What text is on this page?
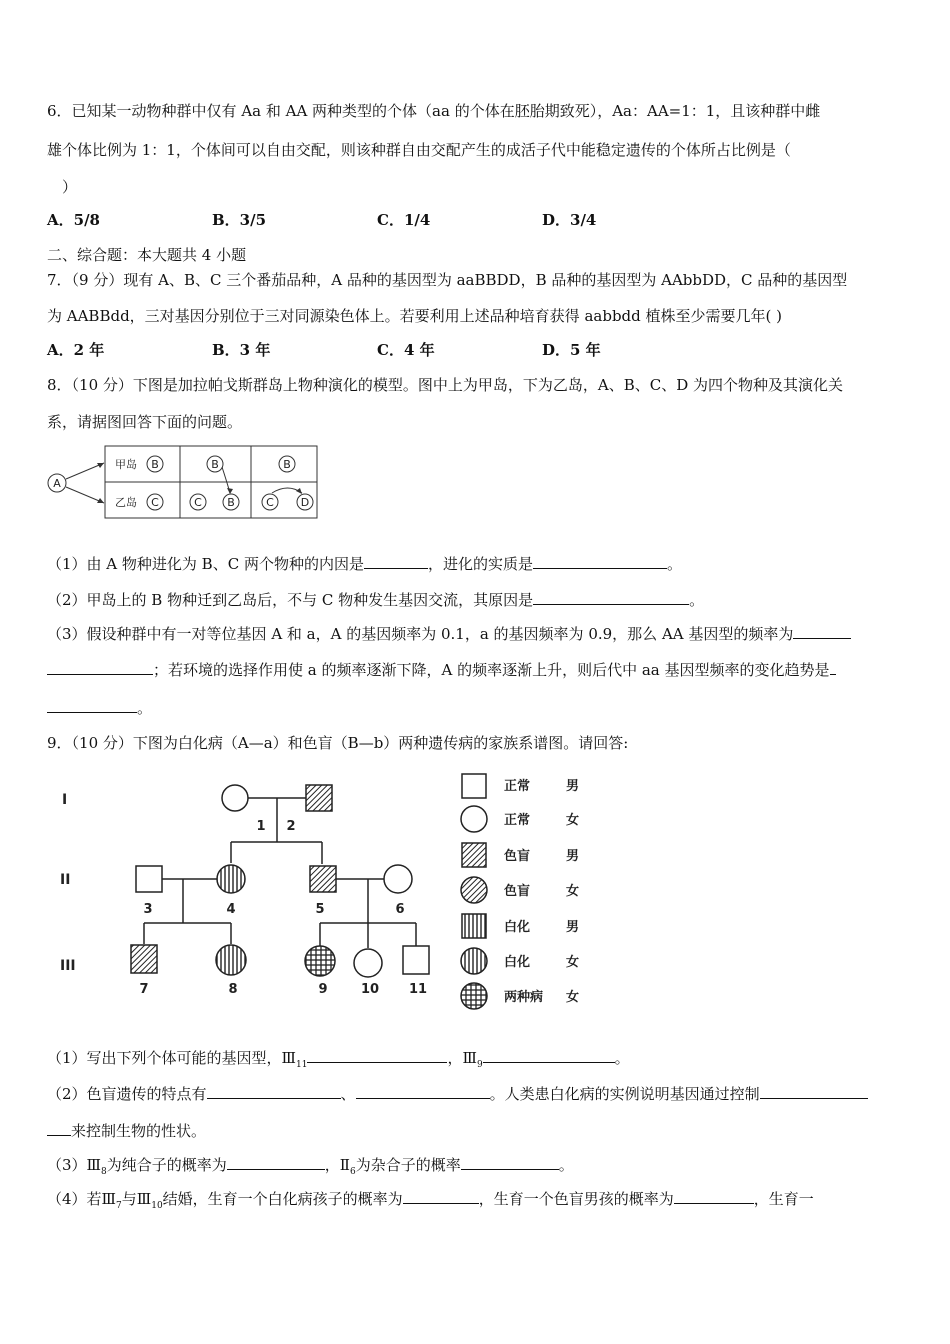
6．已知某一动物种群中仅有 Aa 和 AA 两种类型的个体（aa 的个体在胚胎期致死），Aa：AA=1：1，且该种群中雌
雄个体比例为 1：1，个体间可以自由交配，则该种群自由交配产生的成活子代中能稳定遗传的个体所占比例是（
）
A．5/8	B．3/5	C．1/4	D．3/4
二、综合题：本大题共 4 小题
7．（9 分）现有 A、B、C 三个番茄品种，A 品种的基因型为 aaBBDD，B 品种的基因型为 AAbbDD，C 品种的基因型
为 AABBdd，三对基因分别位于三对同源染色体上。若要利用上述品种培育获得 aabbdd 植株至少需要几年( )
A．2 年	B．3 年	C．4 年	D．5 年
8．（10 分）下图是加拉帕戈斯群岛上物种演化的模型。图中上为甲岛，下为乙岛，A、B、C、D 为四个物种及其演化关
系，请据图回答下面的问题。
A
甲岛
乙岛
B
C
B
C B
B
C D
（1）由 A 物种进化为 B、C 两个物种的内因是	，进化的实质是	。
（2）甲岛上的 B 物种迁到乙岛后，不与 C 物种发生基因交流，其原因是	。
（3）假设种群中有一对等位基因 A 和 a，A 的基因频率为 0.1，a 的基因频率为 0.9，那么 AA 基因型的频率为
；若环境的选择作用使 a 的频率逐渐下降，A 的频率逐渐上升，则后代中 aa 基因型频率的变化趋势是
。
9．（10 分）下图为白化病（A—a）和色盲（B—b）两种遗传病的家族系谱图。请回答:
I
II
III
1 2
3	4	5	6
7	8	9	10 11
正常	男
正常	女
色盲	男
色盲	女
白化	男
白化	女
两种病 女
（1）写出下列个体可能的基因型，$Ⅲ_{11}$	，$Ⅲ_9$	。
（2）色盲遗传的特点有	、	。人类患白化病的实例说明基因通过控制
来控制生物的性状。
$(3)Ⅲ_8$为纯合子的概率为	，$Ⅱ_6$为杂合子的概率	。
（4）若$Ⅲ_7$与$Ⅲ_{10}$结婚，生育一个白化病孩子的概率为	，生育一个色盲男孩的概率为	，生育一
